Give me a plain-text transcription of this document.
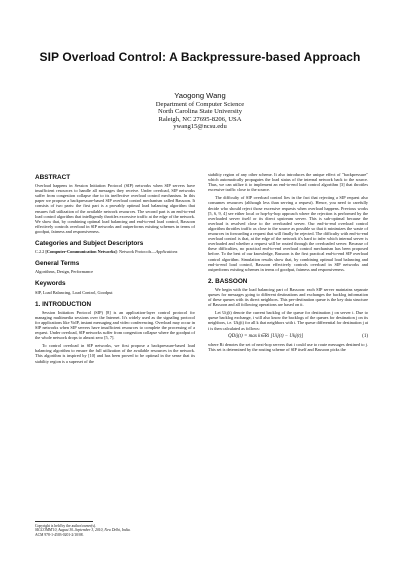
SIP Overload Control: A Backpressure-based Approach
Yaogong Wang
Department of Computer Science
North Carolina State University
Raleigh, NC 27695-8206, USA
ywang15@ncsu.edu
ABSTRACT

Overload happens in Session Initiation Protocol (SIP) networks when SIP servers have insufficient resources to handle all messages they receive. Under overload, SIP networks suffer from congestion collapse due to its ineffective overload control mechanism. In this paper we propose a backpressure-based SIP overload control mechanism called Bassoon. It consists of two parts: the first part is a provably optimal load balancing algorithm that ensures full utilization of the available network resources. The second part is an end-to-end load control algorithm that intelligently throttles excessive traffic at the edge of the network. We show that, by combining optimal load balancing and end-to-end load control, Bassoon effectively controls overload in SIP networks and outperforms existing schemes in terms of goodput, fairness and responsiveness.

Categories and Subject Descriptors

C.2.2 [Computer-Communication Networks]: Network Protocols—Applications

General Terms

Algorithms, Design, Performance

Keywords

SIP, Load Balancing, Load Control, Goodput

1. INTRODUCTION

Session Initiation Protocol (SIP) [8] is an application-layer control protocol for managing multimedia sessions over the Internet. It's widely used as the signaling protocol for applications like VoIP, instant messaging and video conferencing. Overload may occur in SIP networks when SIP servers have insufficient resources to complete the processing of a request. Under overload, SIP networks suffer from congestion collapse where the goodput of the whole network drops to almost zero [5, 7].

To control overload in SIP networks, we first propose a backpressure-based load balancing algorithm to ensure the full utilization of the available resources in the network. This algorithm is inspired by [10] and has been proved to be optimal in the sense that its stability region is a superset of the

Copyright is held by the author/owner(s).
SIGCOMM'10, August 30–September 3, 2010, New Delhi, India.
ACM 978-1-4503-0201-2/10/08.

stability region of any other scheme. It also introduces the unique effect of "backpressure" which automatically propagates the load status of the internal network back to the source. Thus, we can utilize it to implement an end-to-end load control algorithm [3] that throttles excessive traffic close to the source.

The difficulty of SIP overload control lies in the fact that rejecting a SIP request also consumes resources (although less than serving a request). Hence, you need to carefully decide who should reject those excessive requests when overload happens. Previous works [5, 6, 9, 4] see either local or hop-by-hop approach where the rejection is performed by the overloaded server itself or its direct upstream server. This is sub-optimal because the overload is resolved close to the overloaded server. Our end-to-end overload control algorithm throttles traffic as close to the source as possible so that it minimizes the waste of resources in forwarding a request that will finally be rejected. The difficulty with end-to-end overload control is that, at the edge of the network it's hard to infer which internal server is overloaded and whether a request will be routed through the overloaded server. Because of these difficulties, no practical end-to-end overload control mechanism has been proposed before. To the best of our knowledge, Bassoon is the first practical end-to-end SIP overload control algorithm. Simulation results show that, by combining optimal load balancing and end-to-end load control, Bassoon effectively controls overload in SIP networks and outperforms existing schemes in terms of goodput, fairness and responsiveness.

2. BASSOON

We begin with the load balancing part of Bassoon: each SIP server maintains separate queues for messages going to different destinations and exchanges the backlog information of these queues with its direct neighbors. This per-destination queue is the key data structure of Bassoon and all following operations are based on it.

Let Uij(t) denote the current backlog of the queue for destination j on server i. Due to queue backlog exchange, i will also know the backlogs of the queues for destination j on its neighbors, i.e. Ukj(t) for all k that neighbors with i. The queue differential for destination j at i is then calculated as follows:

QDij(t) = max k∈Ri [Uij(t) − Ukj(t)]	(1)

where Ri denotes the set of next-hop servers that i could use to route messages destined to j. This set is determined by the routing scheme of SIP itself and Bassoon picks the
